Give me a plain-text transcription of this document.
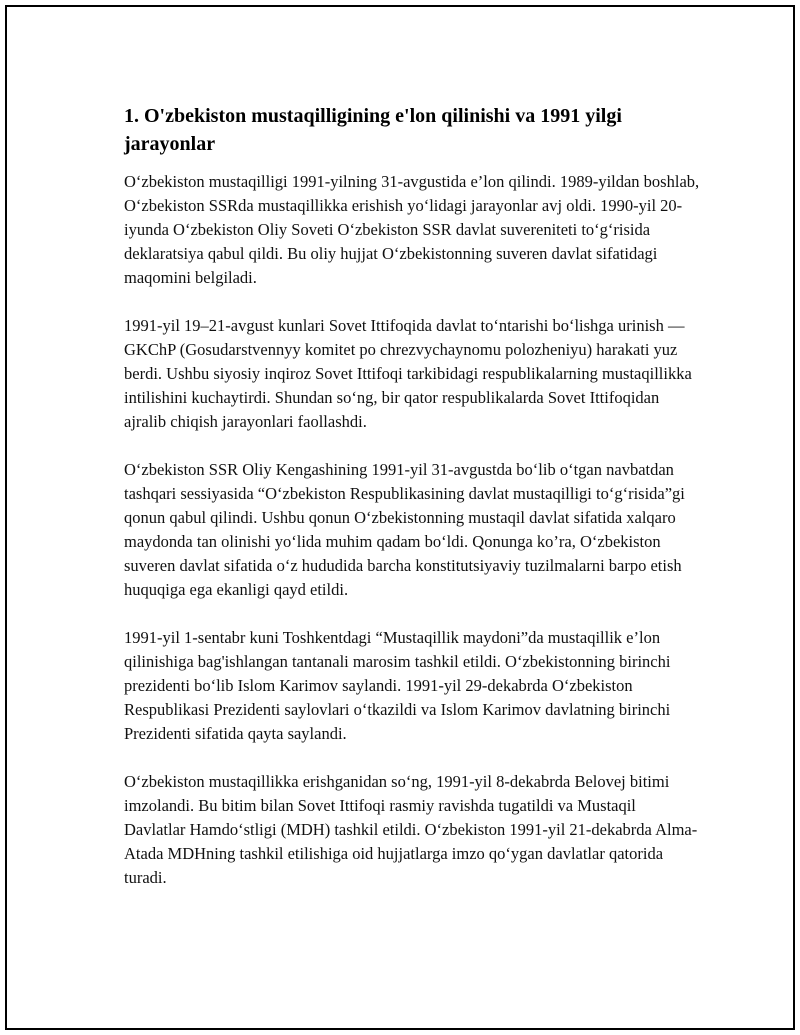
1. O'zbekiston mustaqilligining e'lon qilinishi va 1991 yilgi jarayonlar

O‘zbekiston mustaqilligi 1991-yilning 31-avgustida e’lon qilindi. 1989-yildan boshlab, O‘zbekiston SSRda mustaqillikka erishish yo‘lidagi jarayonlar avj oldi. 1990-yil 20-iyunda O‘zbekiston Oliy Soveti O‘zbekiston SSR davlat suvereniteti to‘g‘risida deklaratsiya qabul qildi. Bu oliy hujjat O‘zbekistonning suveren davlat sifatidagi maqomini belgiladi.

1991-yil 19–21-avgust kunlari Sovet Ittifoqida davlat to‘ntarishi bo‘lishga urinish — GKChP (Gosudarstvennyy komitet po chrezvychaynomu polozheniyu) harakati yuz berdi. Ushbu siyosiy inqiroz Sovet Ittifoqi tarkibidagi respublikalarning mustaqillikka intilishini kuchaytirdi. Shundan so‘ng, bir qator respublikalarda Sovet Ittifoqidan ajralib chiqish jarayonlari faollashdi.

O‘zbekiston SSR Oliy Kengashining 1991-yil 31-avgustda bo‘lib o‘tgan navbatdan tashqari sessiyasida “O‘zbekiston Respublikasining davlat mustaqilligi to‘g‘risida”gi qonun qabul qilindi. Ushbu qonun O‘zbekistonning mustaqil davlat sifatida xalqaro maydonda tan olinishi yo‘lida muhim qadam bo‘ldi. Qonunga ko’ra, O‘zbekiston suveren davlat sifatida o‘z hududida barcha konstitutsiyaviy tuzilmalarni barpo etish huquqiga ega ekanligi qayd etildi.

1991-yil 1-sentabr kuni Toshkentdagi “Mustaqillik maydoni”da mustaqillik e’lon qilinishiga bag'ishlangan tantanali marosim tashkil etildi. O‘zbekistonning birinchi prezidenti bo‘lib Islom Karimov saylandi. 1991-yil 29-dekabrda O‘zbekiston Respublikasi Prezidenti saylovlari o‘tkazildi va Islom Karimov davlatning birinchi Prezidenti sifatida qayta saylandi.

O‘zbekiston mustaqillikka erishganidan so‘ng, 1991-yil 8-dekabrda Belovej bitimi imzolandi. Bu bitim bilan Sovet Ittifoqi rasmiy ravishda tugatildi va Mustaqil Davlatlar Hamdo‘stligi (MDH) tashkil etildi. O‘zbekiston 1991-yil 21-dekabrda Alma-Atada MDHning tashkil etilishiga oid hujjatlarga imzo qo‘ygan davlatlar qatorida turadi.
